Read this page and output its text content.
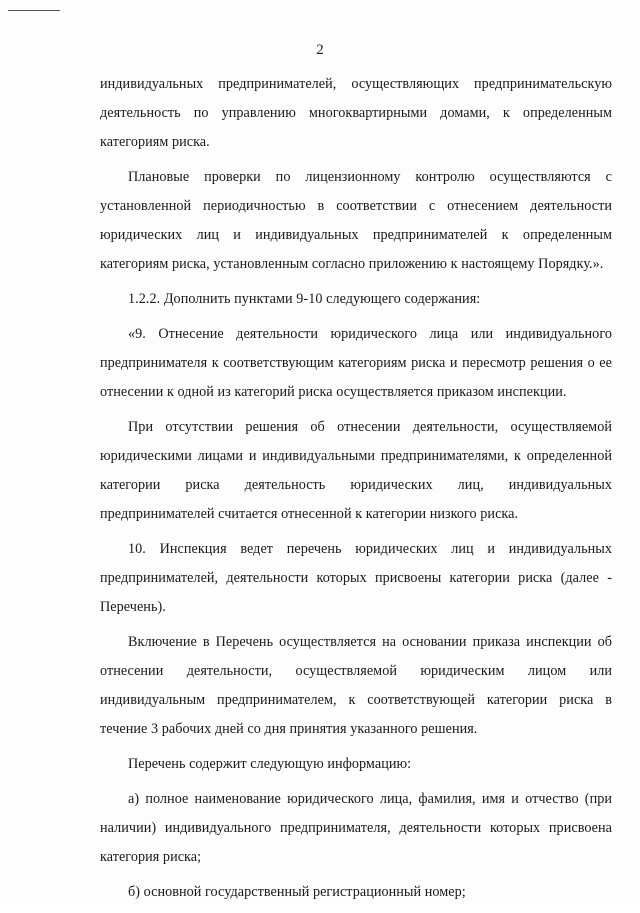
2

индивидуальных предпринимателей, осуществляющих предпринимательскую деятельность по управлению многоквартирными домами, к определенным категориям риска.

Плановые проверки по лицензионному контролю осуществляются с установленной периодичностью в соответствии с отнесением деятельности юридических лиц и индивидуальных предпринимателей к определенным категориям риска, установленным согласно приложению к настоящему Порядку.».

1.2.2. Дополнить пунктами 9-10 следующего содержания:

«9. Отнесение деятельности юридического лица или индивидуального предпринимателя к соответствующим категориям риска и пересмотр решения о ее отнесении к одной из категорий риска осуществляется приказом инспекции.

При отсутствии решения об отнесении деятельности, осуществляемой юридическими лицами и индивидуальными предпринимателями, к определенной категории риска деятельность юридических лиц, индивидуальных предпринимателей считается отнесенной к категории низкого риска.

10. Инспекция ведет перечень юридических лиц и индивидуальных предпринимателей, деятельности которых присвоены категории риска (далее - Перечень).

Включение в Перечень осуществляется на основании приказа инспекции об отнесении деятельности, осуществляемой юридическим лицом или индивидуальным предпринимателем, к соответствующей категории риска в течение 3 рабочих дней со дня принятия указанного решения.

Перечень содержит следующую информацию:

а) полное наименование юридического лица, фамилия, имя и отчество (при наличии) индивидуального предпринимателя, деятельности которых присвоена категория риска;

б) основной государственный регистрационный номер;
